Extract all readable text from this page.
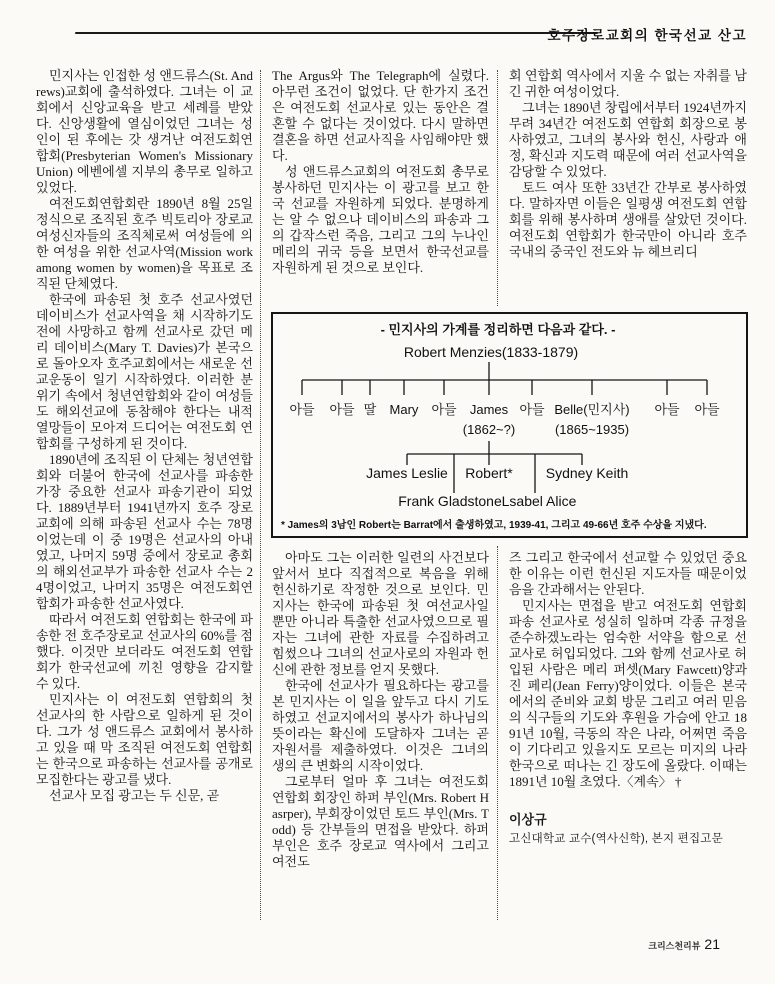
호주장로교회의 한국선교 산고

민지사는 인접한 성 앤드류스(St. Andrews)교회에 출석하였다. 그녀는 이 교회에서 신앙교육을 받고 세례를 받았다. 신앙생활에 열심이었던 그녀는 성인이 된 후에는 갓 생겨난 여전도회연합회(Presbyterian Women's Missionary Union) 에벤에셀 지부의 총무로 일하고 있었다.

여전도회연합회란 1890년 8월 25일 정식으로 조직된 호주 빅토리아 장로교 여성신자들의 조직체로써 여성들에 의한 여성을 위한 선교사역(Mission work among women by women)을 목표로 조직된 단체였다.

한국에 파송된 첫 호주 선교사였던 데이비스가 선교사역을 채 시작하기도 전에 사망하고 함께 선교사로 갔던 메리 데이비스(Mary T. Davies)가 본국으로 돌아오자 호주교회에서는 새로운 선교운동이 일기 시작하였다. 이러한 분위기 속에서 청년연합회와 같이 여성들도 해외선교에 동참해야 한다는 내적 열망들이 모아져 드디어는 여전도회 연합회를 구성하게 된 것이다.

1890년에 조직된 이 단체는 청년연합회와 더불어 한국에 선교사를 파송한 가장 중요한 선교사 파송기관이 되었다. 1889년부터 1941년까지 호주 장로교회에 의해 파송된 선교사 수는 78명이었는데 이 중 19명은 선교사의 아내였고, 나머지 59명 중에서 장로교 총회의 해외선교부가 파송한 선교사 수는 24명이었고, 나머지 35명은 여전도회연합회가 파송한 선교사였다.

따라서 여전도회 연합회는 한국에 파송한 전 호주장로교 선교사의 60%를 점했다. 이것만 보더라도 여전도회 연합회가 한국선교에 끼친 영향을 감지할 수 있다.

민지사는 이 여전도회 연합회의 첫 선교사의 한 사람으로 일하게 된 것이다. 그가 성 앤드류스 교회에서 봉사하고 있을 때 막 조직된 여전도회 연합회는 한국으로 파송하는 선교사를 공개로 모집한다는 광고를 냈다.

선교사 모집 광고는 두 신문, 곧

The Argus와 The Telegraph에 실렸다. 아무런 조건이 없었다. 단 한가지 조건은 여전도회 선교사로 있는 동안은 결혼할 수 없다는 것이었다. 다시 말하면 결혼을 하면 선교사직을 사임해야만 했다.

성 앤드류스교회의 여전도회 총무로 봉사하던 민지사는 이 광고를 보고 한국 선교를 자원하게 되었다. 분명하게는 알 수 없으나 데이비스의 파송과 그의 갑작스런 죽음, 그리고 그의 누나인 메리의 귀국 등을 보면서 한국선교를 자원하게 된 것으로 보인다.

회 연합회 역사에서 지울 수 없는 자취를 남긴 귀한 여성이었다.

그녀는 1890년 창립에서부터 1924년까지 무려 34년간 여전도회 연합회 회장으로 봉사하였고, 그녀의 봉사와 헌신, 사랑과 애정, 확신과 지도력 때문에 여러 선교사역을 감당할 수 있었다.

토드 여사 또한 33년간 간부로 봉사하였다. 말하자면 이들은 일평생 여전도회 연합회를 위해 봉사하며 생애를 살았던 것이다. 여전도회 연합회가 한국만이 아니라 호주 국내의 중국인 전도와 뉴 헤브리디

- 민지사의 가계를 정리하면 다음과 같다. -
Robert Menzies(1833-1879)
아들 아들 딸 Mary 아들 James 아들 Belle(민지사) 아들 아들
(1862~?)	(1865~1935)
James Leslie Robert* Sydney Keith
Frank Gladstone Lsabel Alice
* James의 3남인 Robert는 Barrat에서 출생하였고, 1939-41, 그리고 49-66년 호주 수상을 지냈다.

아마도 그는 이러한 일련의 사건보다 앞서서 보다 직접적으로 복음을 위해 헌신하기로 작정한 것으로 보인다. 민지사는 한국에 파송된 첫 여선교사일 뿐만 아니라 특출한 선교사였으므로 필자는 그녀에 관한 자료를 수집하려고 힘썼으나 그녀의 선교사로의 자원과 헌신에 관한 정보를 얻지 못했다.

한국에 선교사가 필요하다는 광고를 본 민지사는 이 일을 앞두고 다시 기도하였고 선교지에서의 봉사가 하나님의 뜻이라는 확신에 도달하자 그녀는 곧 자원서를 제출하였다. 이것은 그녀의 생의 큰 변화의 시작이었다.

그로부터 얼마 후 그녀는 여전도회 연합회 회장인 하퍼 부인(Mrs. Robert Hasrper), 부회장이었던 토드 부인(Mrs. Todd) 등 간부들의 면접을 받았다. 하퍼 부인은 호주 장로교 역사에서 그리고 여전도

즈 그리고 한국에서 선교할 수 있었던 중요한 이유는 이런 헌신된 지도자들 때문이었음을 간과해서는 안된다.

민지사는 면접을 받고 여전도회 연합회 파송 선교사로 성실히 일하며 각종 규정을 준수하겠노라는 엄숙한 서약을 함으로 선교사로 허입되었다. 그와 함께 선교사로 허입된 사람은 메리 퍼셋(Mary Fawcett)양과 진 페리(Jean Ferry)양이었다. 이들은 본국에서의 준비와 교회 방문 그리고 여러 믿음의 식구들의 기도와 후원을 가슴에 안고 1891년 10월, 극동의 작은 나라, 어쩌면 죽음이 기다리고 있을지도 모르는 미지의 나라 한국으로 떠나는 긴 장도에 올랐다. 이때는 1891년 10월 초였다.〈계속〉 †

이상규
고신대학교 교수(역사신학), 본지 편집고문
크리스천리뷰 21
